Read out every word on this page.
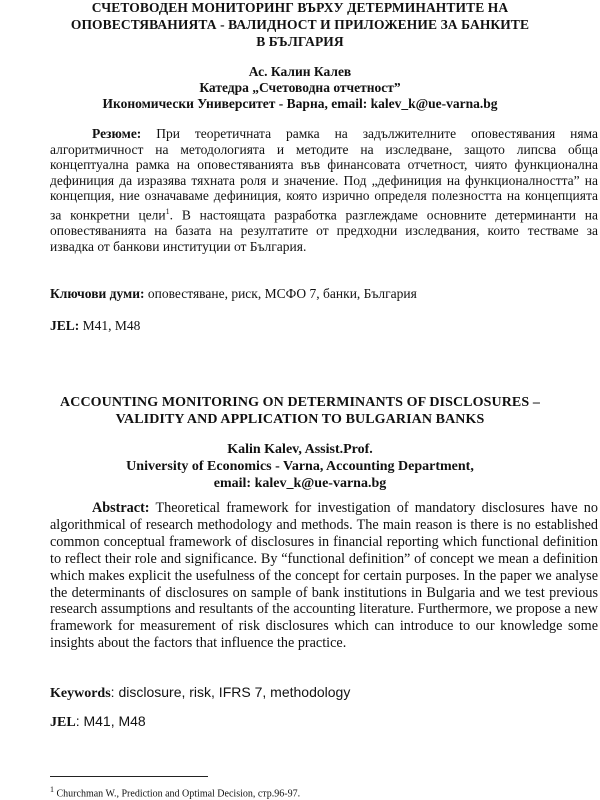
СЧЕТОВОДЕН МОНИТОРИНГ ВЪРХУ ДЕТЕРМИНАНТИТЕ НА
ОПОВЕСТЯВАНИЯТА - ВАЛИДНОСТ И ПРИЛОЖЕНИЕ ЗА БАНКИТЕ
В БЪЛГАРИЯ
Ас. Калин Калев
Катедра „Счетоводна отчетност”
Икономически Университет - Варна, email: kalev_k@ue-varna.bg
Резюме: При теоретичната рамка на задължителните оповестявания няма алгоритмичност на методологията и методите на изследване, защото липсва обща концептуална рамка на оповестяванията във финансовата отчетност, чиято функционална дефиниция да изразява тяхната роля и значение. Под „дефиниция на функционалността” на концепция, ние означаваме дефиниция, която изрично определя полезността на концепцията за конкретни цели$^1$. В настоящата разработка разглеждаме основните детерминанти на оповестяванията на базата на резултатите от предходни изследвания, които тестваме за извадка от банкови институции от България.
Ключови думи: оповестяване, риск, МСФО 7, банки, България
JEL: M41, M48
ACCOUNTING MONITORING ON DETERMINANTS OF DISCLOSURES –
VALIDITY AND APPLICATION TO BULGARIAN BANKS
Kalin Kalev, Assist.Prof.
University of Economics - Varna, Accounting Department,
email: kalev_k@ue-varna.bg
Abstract: Theoretical framework for investigation of mandatory disclosures have no algorithmical of research methodology and methods. The main reason is there is no established common conceptual framework of disclosures in financial reporting which functional definition to reflect their role and significance. By “functional definition” of concept we mean a definition which makes explicit the usefulness of the concept for certain purposes. In the paper we analyse the determinants of disclosures on sample of bank institutions in Bulgaria and we test previous research assumptions and resultants of the accounting literature. Furthermore, we propose a new framework for measurement of risk disclosures which can introduce to our knowledge some insights about the factors that influence the practice.
Keywords: disclosure, risk, IFRS 7, methodology
JEL: M41, M48
$^1$ Churchman W., Prediction and Optimal Decision, стр.96-97.
